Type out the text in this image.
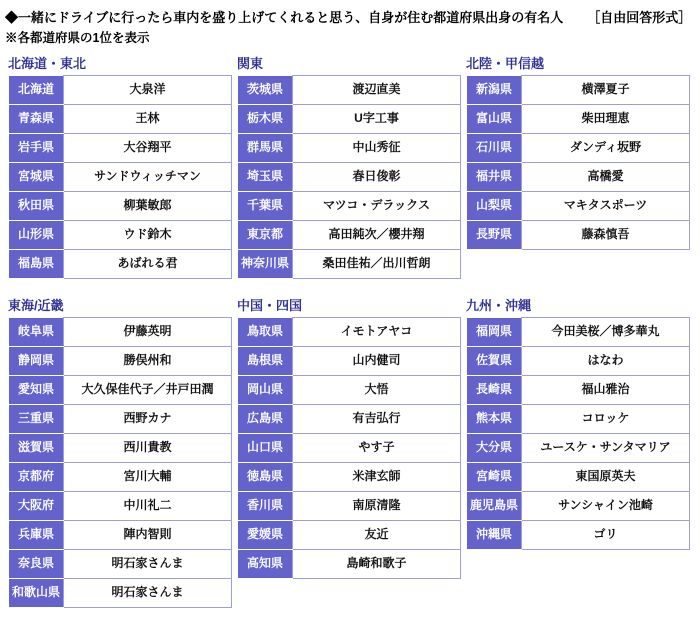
◆一緒にドライブに行ったら車内を盛り上げてくれると思う、自身が住む都道府県出身の有名人 ［自由回答形式］
※各都道府県の1位を表示
北海道・東北
北海道	大泉洋
青森県	王林
岩手県	大谷翔平
宮城県	サンドウィッチマン
秋田県	柳葉敏郎
山形県	ウド鈴木
福島県	あばれる君
関東
茨城県	渡辺直美
栃木県	U字工事
群馬県	中山秀征
埼玉県	春日俊彰
千葉県	マツコ・デラックス
東京都	高田純次／櫻井翔
神奈川県	桑田佳祐／出川哲朗
北陸・甲信越
新潟県	横澤夏子
富山県	柴田理恵
石川県	ダンディ坂野
福井県	高橋愛
山梨県	マキタスポーツ
長野県	藤森慎吾
東海/近畿
岐阜県	伊藤英明
静岡県	勝俣州和
愛知県	大久保佳代子／井戸田潤
三重県	西野カナ
滋賀県	西川貴教
京都府	宮川大輔
大阪府	中川礼二
兵庫県	陣内智則
奈良県	明石家さんま
和歌山県	明石家さんま
中国・四国
鳥取県	イモトアヤコ
島根県	山内健司
岡山県	大悟
広島県	有吉弘行
山口県	やす子
徳島県	米津玄師
香川県	南原清隆
愛媛県	友近
高知県	島崎和歌子
九州・沖縄
福岡県	今田美桜／博多華丸
佐賀県	はなわ
長崎県	福山雅治
熊本県	コロッケ
大分県	ユースケ・サンタマリア
宮崎県	東国原英夫
鹿児島県	サンシャイン池崎
沖縄県	ゴリ
